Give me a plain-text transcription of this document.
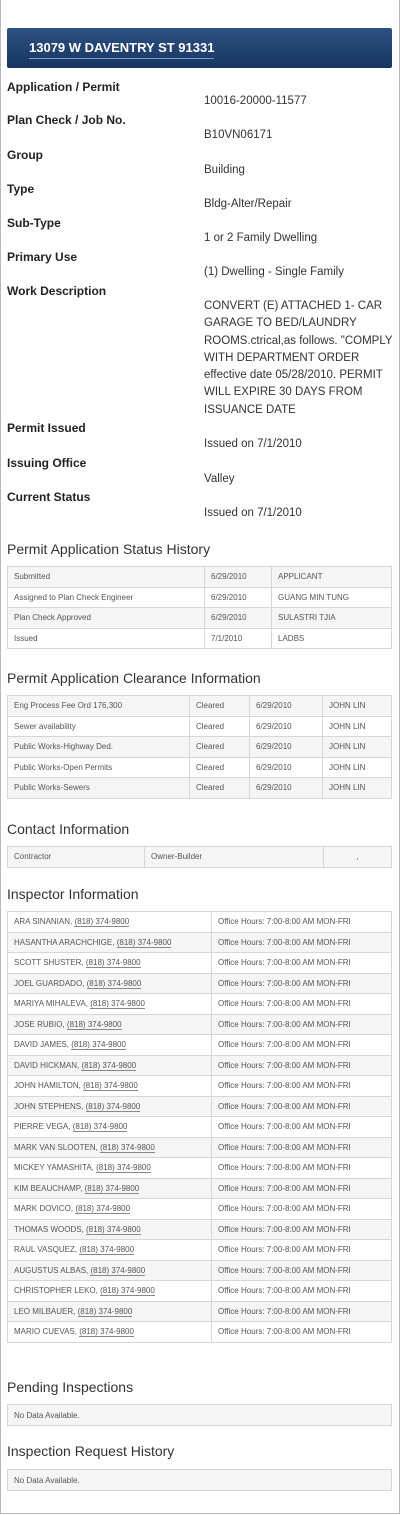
13079 W DAVENTRY ST 91331
Application / Permit
10016-20000-11577
Plan Check / Job No.
B10VN06171
Group
Building
Type
Bldg-Alter/Repair
Sub-Type
1 or 2 Family Dwelling
Primary Use
(1) Dwelling - Single Family
Work Description
CONVERT (E) ATTACHED 1- CAR GARAGE TO BED/LAUNDRY ROOMS.ctrical,as follows. "COMPLY WITH DEPARTMENT ORDER effective date 05/28/2010. PERMIT WILL EXPIRE 30 DAYS FROM ISSUANCE DATE
Permit Issued
Issued on 7/1/2010
Issuing Office
Valley
Current Status
Issued on 7/1/2010
Permit Application Status History
Submitted	6/29/2010	APPLICANT
Assigned to Plan Check Engineer	6/29/2010	GUANG MIN TUNG
Plan Check Approved	6/29/2010	SULASTRI TJIA
Issued	7/1/2010	LADBS
Permit Application Clearance Information
Eng Process Fee Ord 176,300	Cleared	6/29/2010	JOHN LIN
Sewer availability	Cleared	6/29/2010	JOHN LIN
Public Works-Highway Ded.	Cleared	6/29/2010	JOHN LIN
Public Works-Open Permits	Cleared	6/29/2010	JOHN LIN
Public Works-Sewers	Cleared	6/29/2010	JOHN LIN
Contact Information
Contractor	Owner-Builder	,
Inspector Information
ARA SINANIAN, (818) 374-9800	Office Hours: 7:00-8:00 AM MON-FRI
HASANTHA ARACHCHIGE, (818) 374-9800	Office Hours: 7:00-8:00 AM MON-FRI
SCOTT SHUSTER, (818) 374-9800	Office Hours: 7:00-8:00 AM MON-FRI
JOEL GUARDADO, (818) 374-9800	Office Hours: 7:00-8:00 AM MON-FRI
MARIYA MIHALEVA, (818) 374-9800	Office Hours: 7:00-8:00 AM MON-FRI
JOSE RUBIO, (818) 374-9800	Office Hours: 7:00-8:00 AM MON-FRI
DAVID JAMES, (818) 374-9800	Office Hours: 7:00-8:00 AM MON-FRI
DAVID HICKMAN, (818) 374-9800	Office Hours: 7:00-8:00 AM MON-FRI
JOHN HAMILTON, (818) 374-9800	Office Hours: 7:00-8:00 AM MON-FRI
JOHN STEPHENS, (818) 374-9800	Office Hours: 7:00-8:00 AM MON-FRI
PIERRE VEGA, (818) 374-9800	Office Hours: 7:00-8:00 AM MON-FRI
MARK VAN SLOOTEN, (818) 374-9800	Office Hours: 7:00-8:00 AM MON-FRI
MICKEY YAMASHITA, (818) 374-9800	Office Hours: 7:00-8:00 AM MON-FRI
KIM BEAUCHAMP, (818) 374-9800	Office Hours: 7:00-8:00 AM MON-FRI
MARK DOVICO, (818) 374-9800	Office Hours: 7:00-8:00 AM MON-FRI
THOMAS WOODS, (818) 374-9800	Office Hours: 7:00-8:00 AM MON-FRI
RAUL VASQUEZ, (818) 374-9800	Office Hours: 7:00-8:00 AM MON-FRI
AUGUSTUS ALBAS, (818) 374-9800	Office Hours: 7:00-8:00 AM MON-FRI
CHRISTOPHER LEKO, (818) 374-9800	Office Hours: 7:00-8:00 AM MON-FRI
LEO MILBAUER, (818) 374-9800	Office Hours: 7:00-8:00 AM MON-FRI
MARIO CUEVAS, (818) 374-9800	Office Hours: 7:00-8:00 AM MON-FRI
Pending Inspections
No Data Available.
Inspection Request History
No Data Available.
